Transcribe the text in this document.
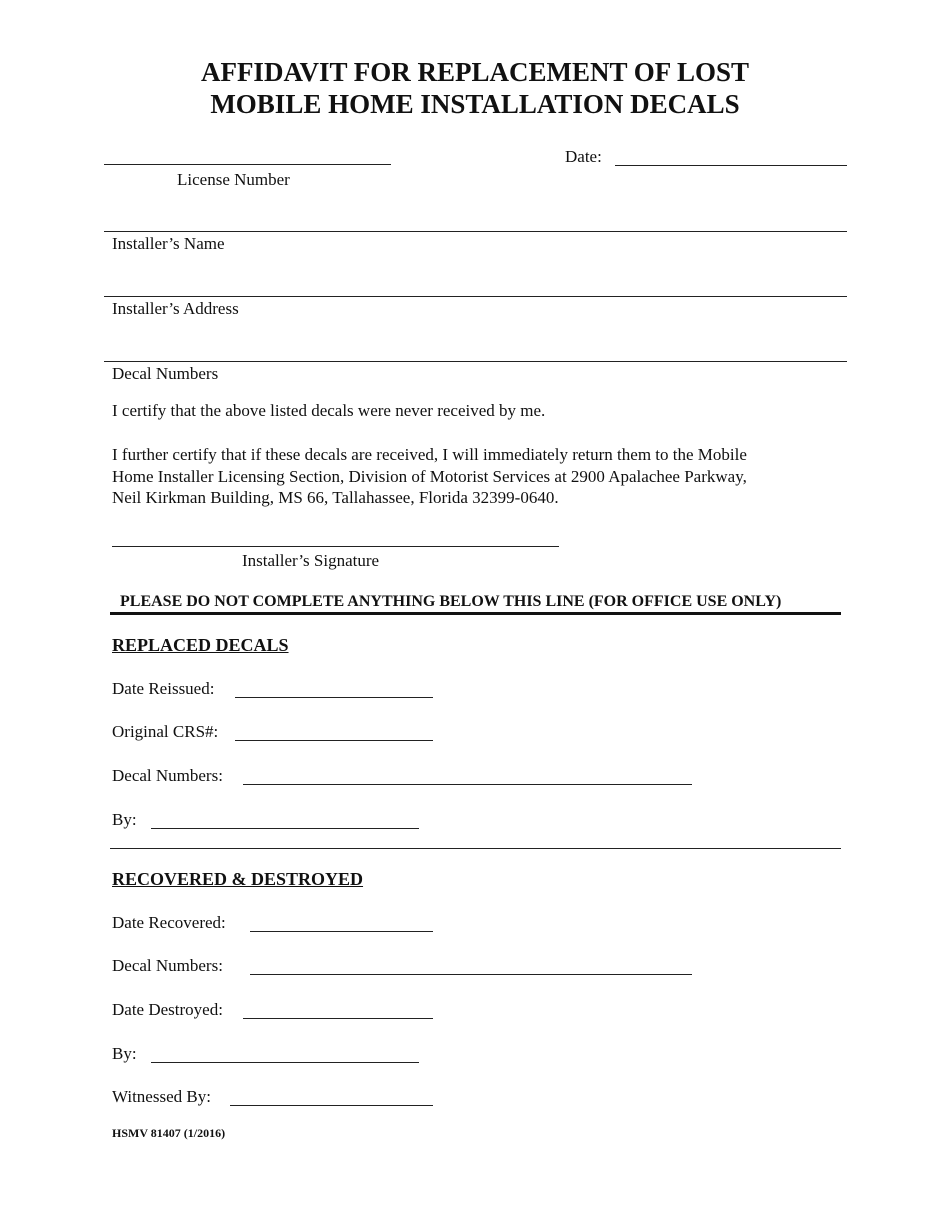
AFFIDAVIT FOR REPLACEMENT OF LOST
MOBILE HOME INSTALLATION DECALS
License Number
Date:
Installer’s Name
Installer’s Address
Decal Numbers
I certify that the above listed decals were never received by me.
I further certify that if these decals are received, I will immediately return them to the Mobile
Home Installer Licensing Section, Division of Motorist Services at 2900 Apalachee Parkway,
Neil Kirkman Building, MS 66, Tallahassee, Florida 32399-0640.
Installer’s Signature
PLEASE DO NOT COMPLETE ANYTHING BELOW THIS LINE (FOR OFFICE USE ONLY)
REPLACED DECALS
Date Reissued:
Original CRS#:
Decal Numbers:
By:
RECOVERED & DESTROYED
Date Recovered:
Decal Numbers:
Date Destroyed:
By:
Witnessed By:
HSMV 81407 (1/2016)
